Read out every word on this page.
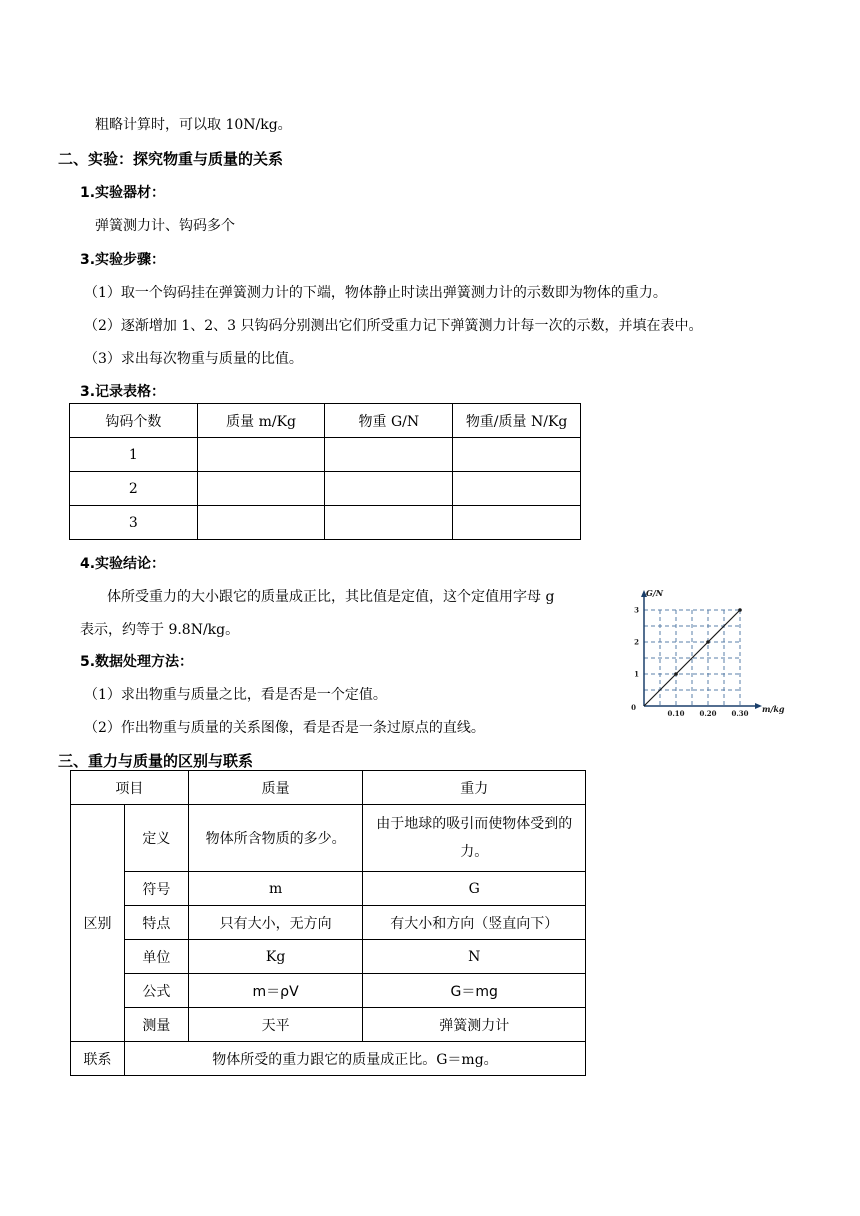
粗略计算时，可以取 10N/kg。
二、实验：探究物重与质量的关系
1.实验器材：
弹簧测力计、钩码多个
3.实验步骤：
（1）取一个钩码挂在弹簧测力计的下端，物体静止时读出弹簧测力计的示数即为物体的重力。
（2）逐渐增加 1、2、3 只钩码分别测出它们所受重力记下弹簧测力计每一次的示数，并填在表中。
（3）求出每次物重与质量的比值。
3.记录表格：
钩码个数	质量 m/Kg	物重 G/N	物重/质量 N/Kg
1			
2			
3			
4.实验结论：
体所受重力的大小跟它的质量成正比，其比值是定值，这个定值用字母 g
表示，约等于 9.8N/kg。
5.数据处理方法：
（1）求出物重与质量之比，看是否是一个定值。
（2）作出物重与质量的关系图像，看是否是一条过原点的直线。
0.10 0.20 0.30
1
2
3
0	m/kg
G/N
三、重力与质量的区别与联系
项目		质量	重力
区别	定义	物体所含物质的多少。	由于地球的吸引而使物体受到的力。
	符号	m	G
	特点	只有大小，无方向	有大小和方向（竖直向下）
	单位	Kg	N
	公式	m＝ρV	G＝mg
	测量	天平	弹簧测力计
联系	物体所受的重力跟它的质量成正比。G＝mg。		
